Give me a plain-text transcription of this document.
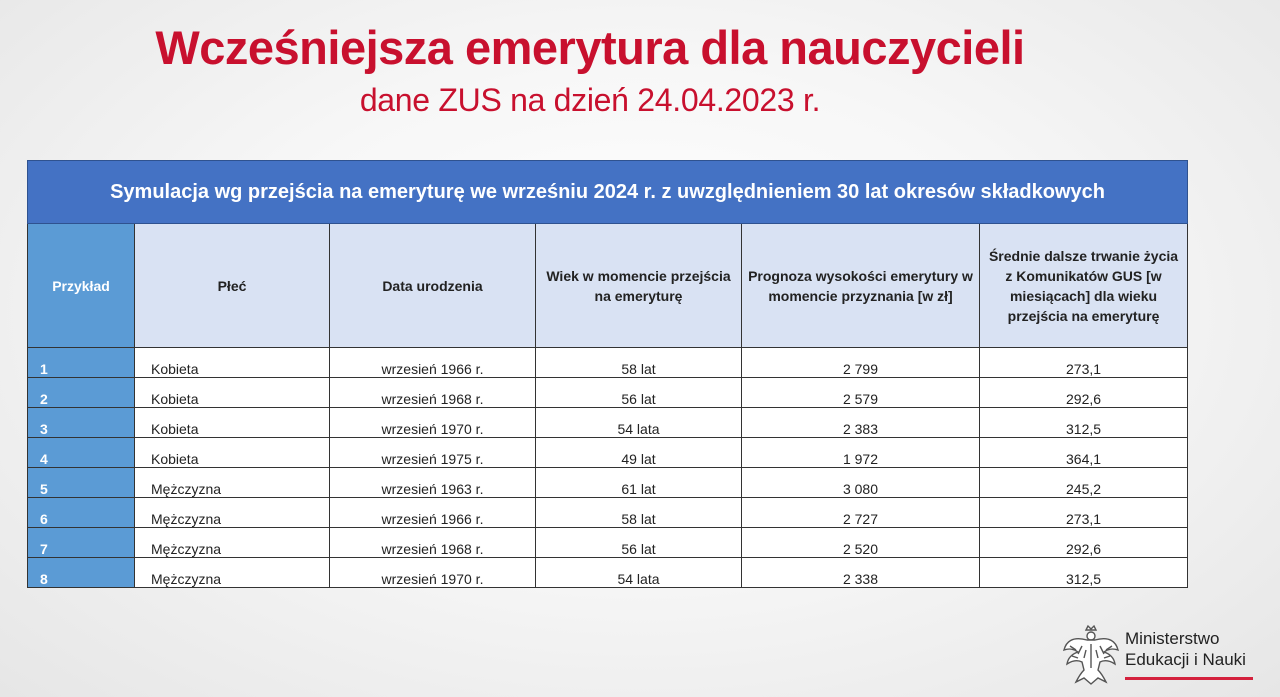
Wcześniejsza emerytura dla nauczycieli
dane ZUS na dzień 24.04.2023 r.
Symulacja wg przejścia na emeryturę we wrześniu 2024 r. z uwzględnieniem 30 lat okresów składkowych					
Przykład	Płeć	Data urodzenia	Wiek w momencie przejścia na emeryturę	Prognoza wysokości emerytury w momencie przyznania [w zł]	Średnie dalsze trwanie życia z Komunikatów GUS [w miesiącach] dla wieku przejścia na emeryturę
1	Kobieta	wrzesień 1966 r.	58 lat	2 799	273,1
2	Kobieta	wrzesień 1968 r.	56 lat	2 579	292,6
3	Kobieta	wrzesień 1970 r.	54 lata	2 383	312,5
4	Kobieta	wrzesień 1975 r.	49 lat	1 972	364,1
5	Mężczyzna	wrzesień 1963 r.	61 lat	3 080	245,2
6	Mężczyzna	wrzesień 1966 r.	58 lat	2 727	273,1
7	Mężczyzna	wrzesień 1968 r.	56 lat	2 520	292,6
8	Mężczyzna	wrzesień 1970 r.	54 lata	2 338	312,5
Ministerstwo
Edukacji i Nauki
